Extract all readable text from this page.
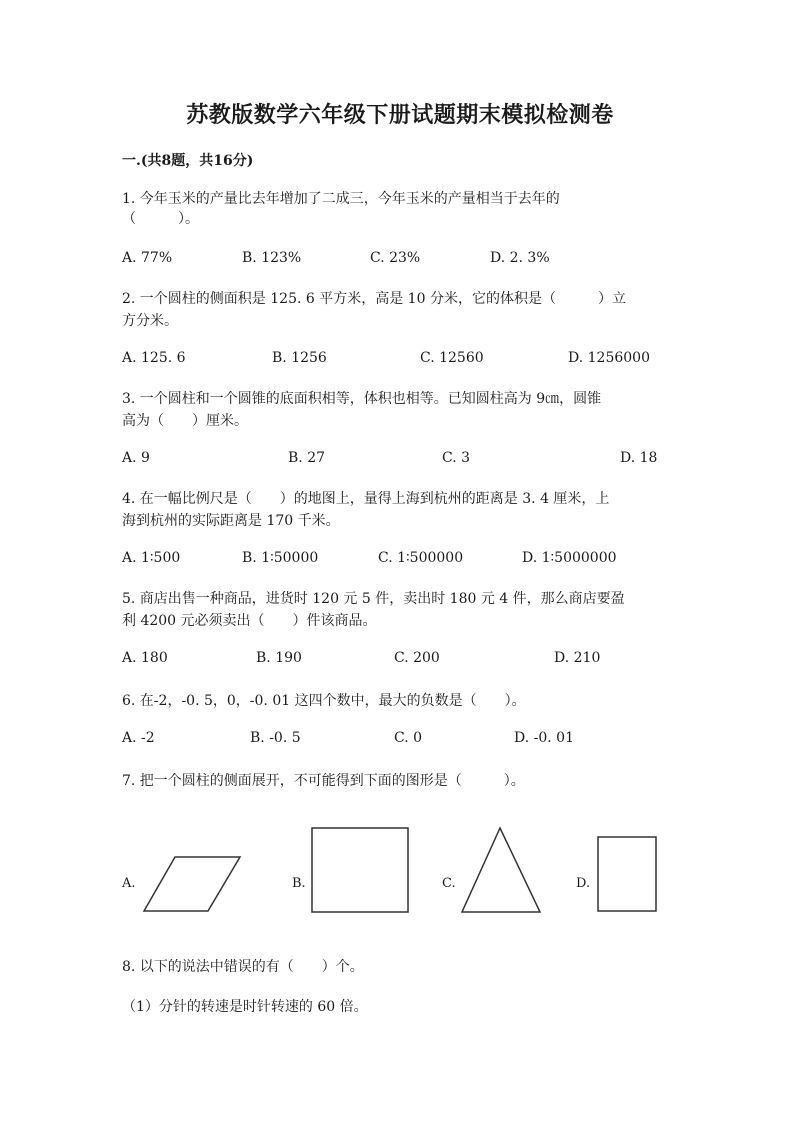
苏教版数学六年级下册试题期末模拟检测卷
一.(共8题，共16分)
1. 今年玉米的产量比去年增加了二成三，今年玉米的产量相当于去年的
（　　　）。
A. 77%	B. 123%	C. 23%	D. 2. 3%
2. 一个圆柱的侧面积是 125. 6 平方米，高是 10 分米，它的体积是（　　　）立
方分米。
A. 125. 6	B. 1256	C. 12560	D. 1256000
3. 一个圆柱和一个圆锥的底面积相等，体积也相等。已知圆柱高为 9㎝，圆锥
高为（　　）厘米。
A. 9	B. 27	C. 3	D. 18
4. 在一幅比例尺是（　　）的地图上，量得上海到杭州的距离是 3. 4 厘米，上
海到杭州的实际距离是 170 千米。
A. 1∶500	B. 1∶50000	C. 1∶500000	D. 1∶5000000
5. 商店出售一种商品，进货时 120 元 5 件，卖出时 180 元 4 件，那么商店要盈
利 4200 元必须卖出（　　）件该商品。
A. 180	B. 190	C. 200	D. 210
6. 在-2，-0. 5，0，-0. 01 这四个数中，最大的负数是（　　）。
A. -2	B. -0. 5	C. 0	D. -0. 01
7. 把一个圆柱的侧面展开，不可能得到下面的图形是（　　　）。
A.	B.	C.	D.
8. 以下的说法中错误的有（　　）个。
（1）分针的转速是时针转速的 60 倍。
